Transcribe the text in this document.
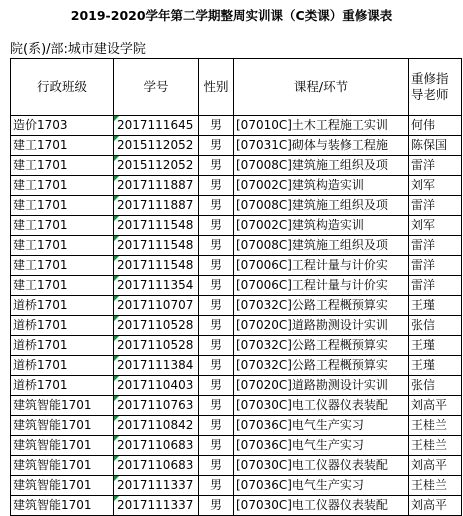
2019-2020学年第二学期整周实训课（C类课）重修课表
院(系)/部:城市建设学院
行政班级	学号	性别	课程/环节	重修指导老师
造价1703	2017111645	男	[07010C]土木工程施工实训	何伟
建工1701	2015112052	男	[07031C]砌体与装修工程施	陈保国
建工1701	2015112052	男	[07008C]建筑施工组织及项	雷洋
建工1701	2017111887	男	[07002C]建筑构造实训	刘军
建工1701	2017111887	男	[07008C]建筑施工组织及项	雷洋
建工1701	2017111548	男	[07002C]建筑构造实训	刘军
建工1701	2017111548	男	[07008C]建筑施工组织及项	雷洋
建工1701	2017111548	男	[07006C]工程计量与计价实	雷洋
建工1701	2017111354	男	[07006C]工程计量与计价实	雷洋
道桥1701	2017110707	男	[07032C]公路工程概预算实	王瑾
道桥1701	2017110528	男	[07020C]道路勘测设计实训	张信
道桥1701	2017110528	男	[07032C]公路工程概预算实	王瑾
道桥1701	2017111384	男	[07032C]公路工程概预算实	王瑾
道桥1701	2017110403	男	[07020C]道路勘测设计实训	张信
建筑智能1701	2017110763	男	[07030C]电工仪器仪表装配	刘高平
建筑智能1701	2017110842	男	[07036C]电气生产实习	王桂兰
建筑智能1701	2017110683	男	[07036C]电气生产实习	王桂兰
建筑智能1701	2017110683	男	[07030C]电工仪器仪表装配	刘高平
建筑智能1701	2017111337	男	[07036C]电气生产实习	王桂兰
建筑智能1701	2017111337	男	[07030C]电工仪器仪表装配	刘高平
